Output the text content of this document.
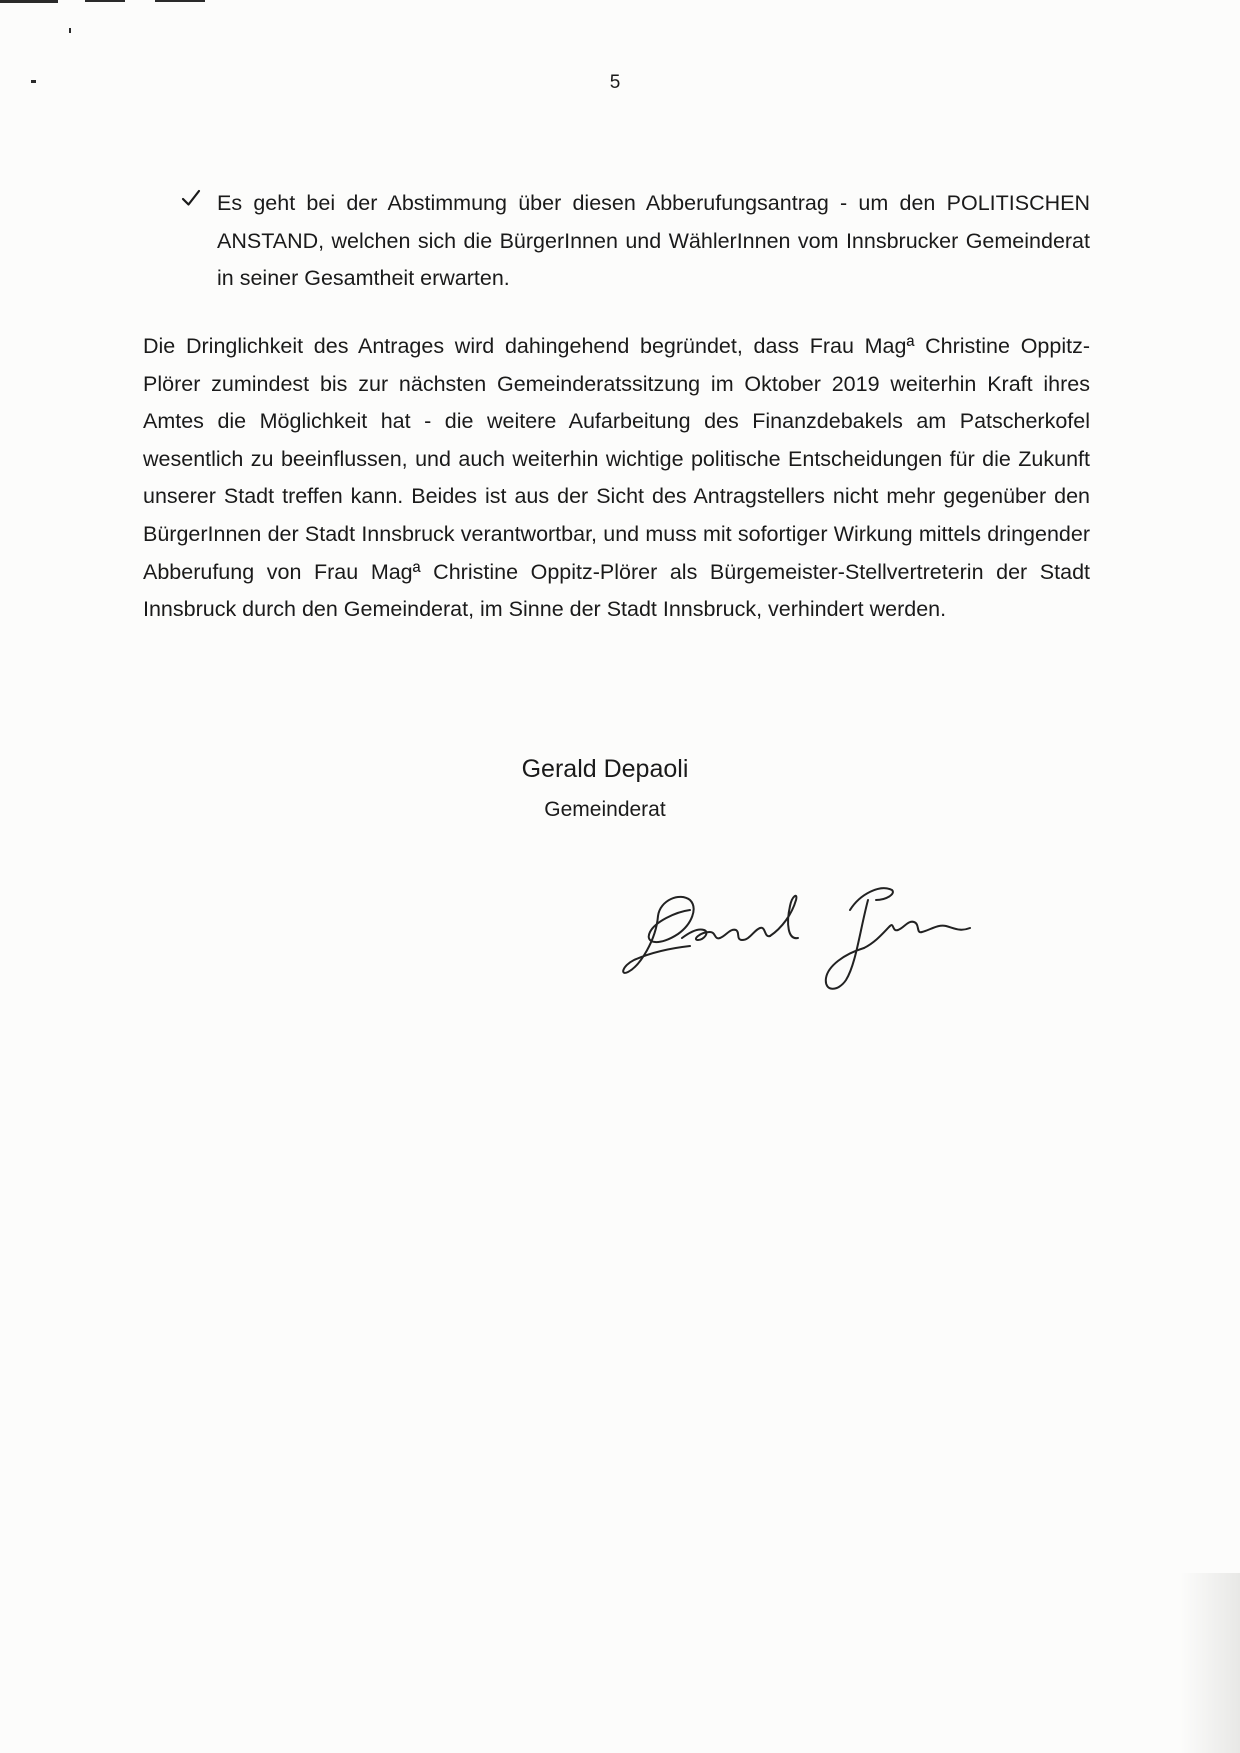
5
Es geht bei der Abstimmung über diesen Abberufungsantrag - um den POLITISCHEN ANSTAND, welchen sich die BürgerInnen und WählerInnen vom Innsbrucker Gemeinderat in seiner Gesamtheit erwarten.
Die Dringlichkeit des Antrages wird dahingehend begründet, dass Frau Magª Christine Oppitz-Plörer zumindest bis zur nächsten Gemeinderatssitzung im Oktober 2019 weiterhin Kraft ihres Amtes die Möglichkeit hat - die weitere Aufarbeitung des Finanzdebakels am Patscherkofel wesentlich zu beeinflussen, und auch weiterhin wichtige politische Entscheidungen für die Zukunft unserer Stadt treffen kann. Beides ist aus der Sicht des Antragstellers nicht mehr gegenüber den BürgerInnen der Stadt Innsbruck verantwortbar, und muss mit sofortiger Wirkung mittels dringender Abberufung von Frau Magª Christine Oppitz-Plörer als Bürgemeister-Stellvertreterin der Stadt Innsbruck durch den Gemeinderat, im Sinne der Stadt Innsbruck, verhindert werden.
Gerald Depaoli
Gemeinderat
